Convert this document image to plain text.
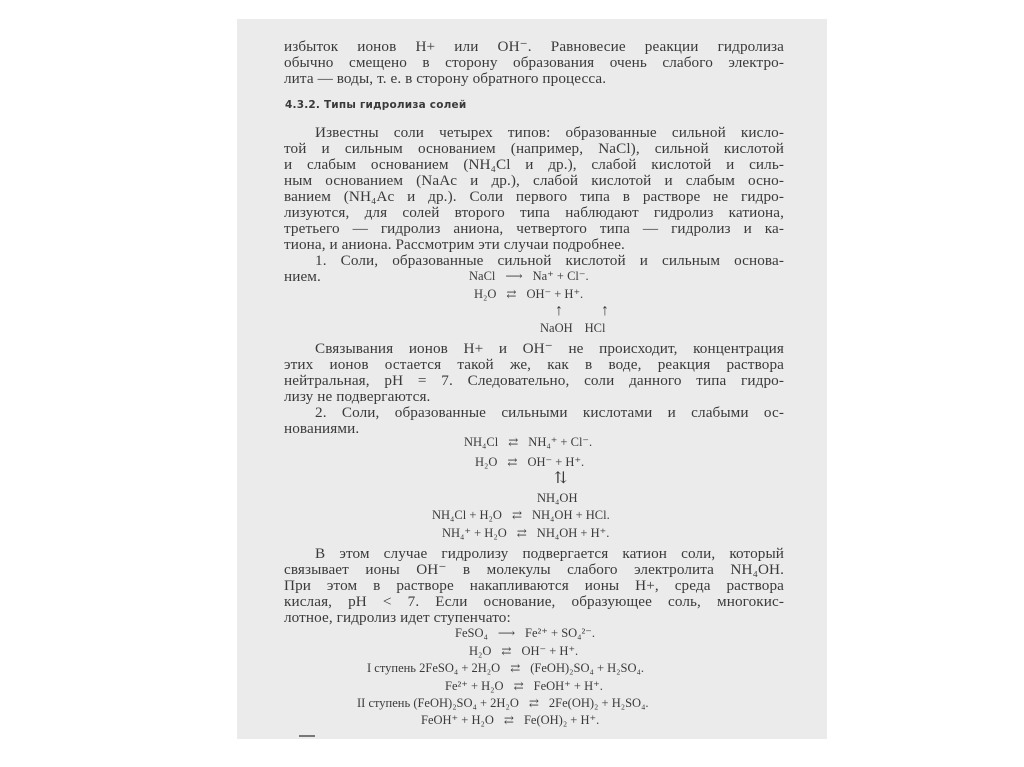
избыток ионов H+ или OH⁻. Равновесие реакции гидролиза
обычно смещено в сторону образования очень слабого электро-
лита — воды, т. е. в сторону обратного процесса.
4.3.2. Типы гидролиза солей
Известны соли четырех типов: образованные сильной кисло-
той и сильным основанием (например, NaCl), сильной кислотой
и слабым основанием (NH₄Cl и др.), слабой кислотой и силь-
ным основанием (NaAc и др.), слабой кислотой и слабым осно-
ванием (NH₄Ac и др.). Соли первого типа в растворе не гидро-
лизуются, для солей второго типа наблюдают гидролиз катиона,
третьего — гидролиз аниона, четвертого типа — гидролиз и ка-
тиона, и аниона. Рассмотрим эти случаи подробнее.
1. Соли, образованные сильной кислотой и сильным основа-
нием.	NaCl ⟶ Na⁺ + Cl⁻.
H₂O ⇄ OH⁻ + H⁺.
↑ ↑
NaOH HCl
Связывания ионов H+ и OH⁻ не происходит, концентрация
этих ионов остается такой же, как в воде, реакция раствора
нейтральная, pH = 7. Следовательно, соли данного типа гидро-
лизу не подвергаются.
2. Соли, образованные сильными кислотами и слабыми ос-
нованиями.
NH₄Cl ⇄ NH₄⁺ + Cl⁻.
H₂O ⇄ OH⁻ + H⁺.
⇅
NH₄OH
NH₄Cl + H₂O ⇄ NH₄OH + HCl.
NH₄⁺ + H₂O ⇄ NH₄OH + H⁺.
В этом случае гидролизу подвергается катион соли, который
связывает ионы OH⁻ в молекулы слабого электролита NH₄OH.
При этом в растворе накапливаются ионы H+, среда раствора
кислая, pH < 7. Если основание, образующее соль, многокис-
лотное, гидролиз идет ступенчато:
FeSO₄ ⟶ Fe²⁺ + SO₄²⁻.
H₂O ⇄ OH⁻ + H⁺.
I ступень 2FeSO₄ + 2H₂O ⇄ (FeOH)₂SO₄ + H₂SO₄.
Fe²⁺ + H₂O ⇄ FeOH⁺ + H⁺.
II ступень (FeOH)₂SO₄ + 2H₂O ⇄ 2Fe(OH)₂ + H₂SO₄.
FeOH⁺ + H₂O ⇄ Fe(OH)₂ + H⁺.
